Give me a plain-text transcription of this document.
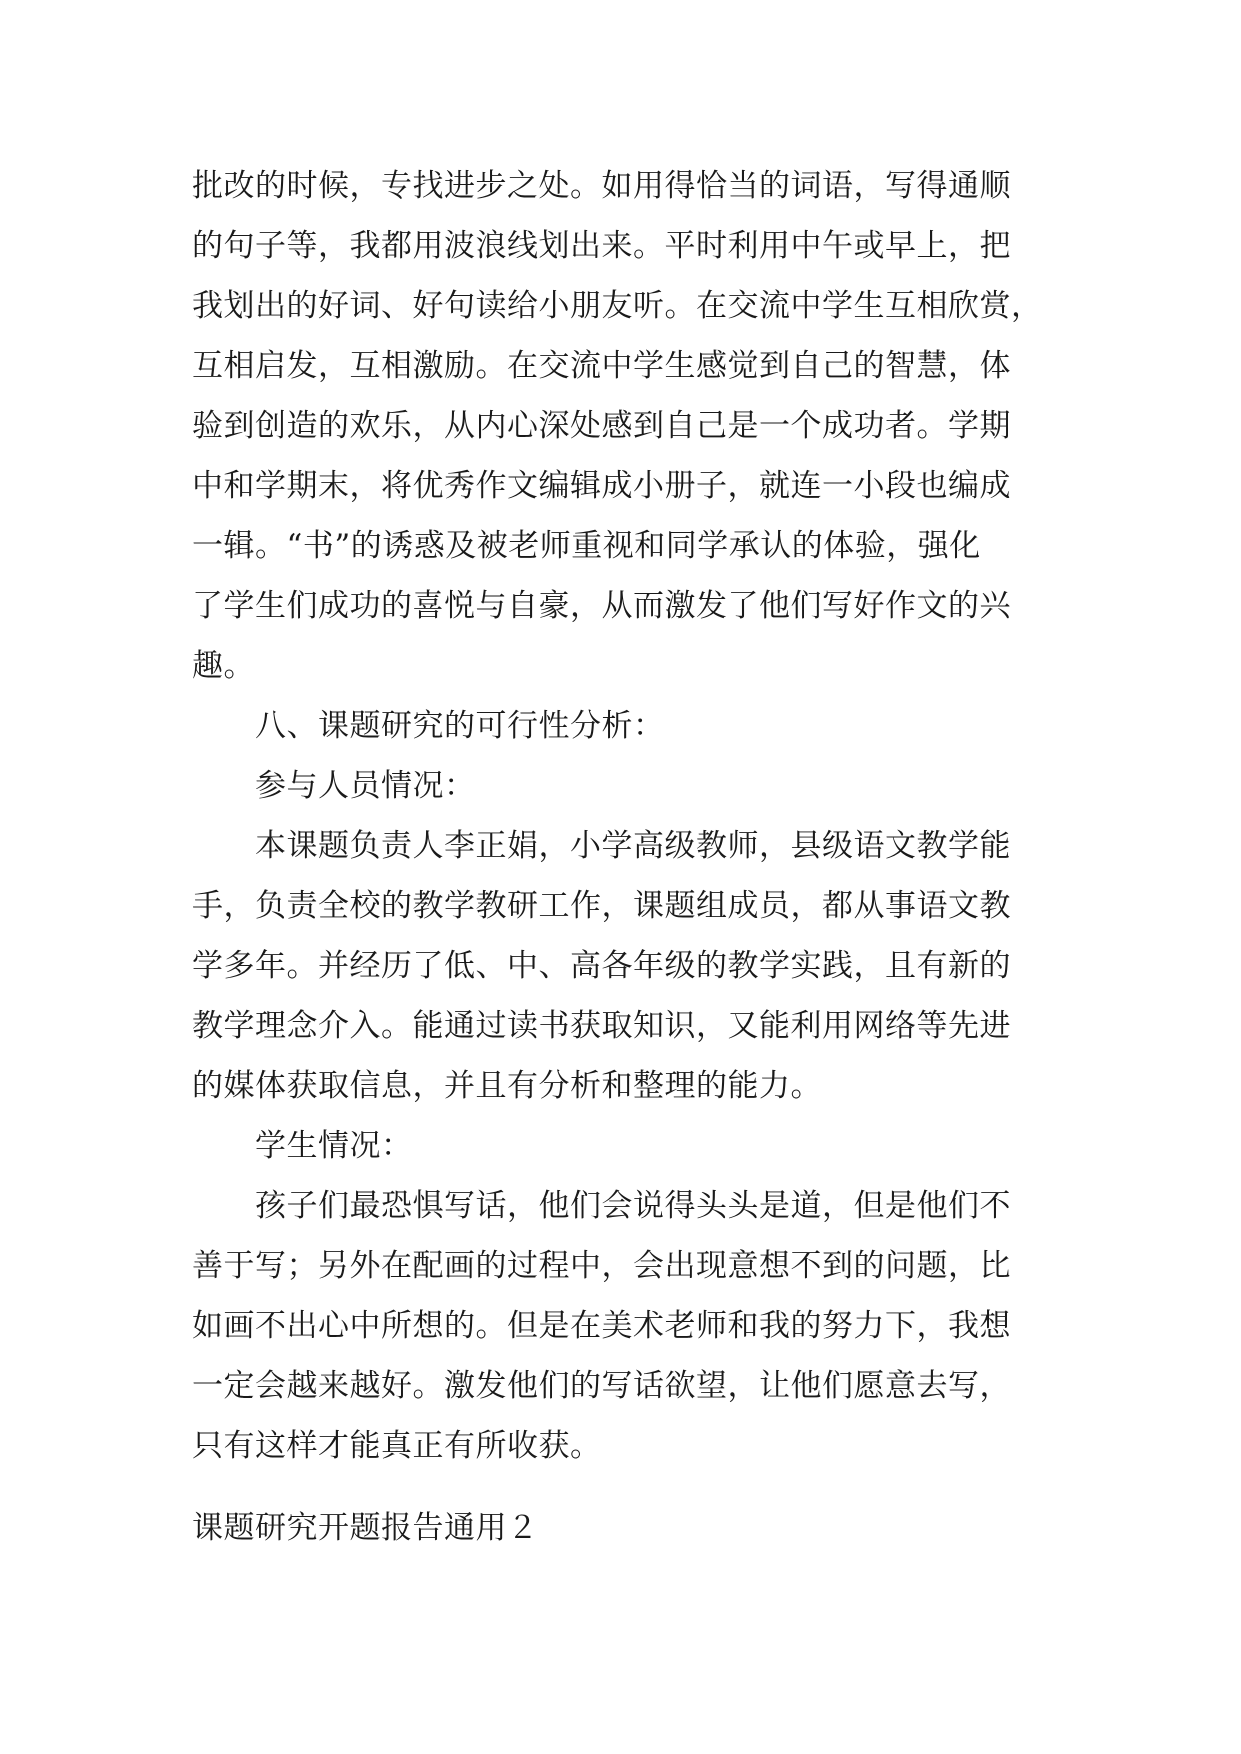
批改的时候，专找进步之处。如用得恰当的词语，写得通顺
的句子等，我都用波浪线划出来。平时利用中午或早上，把
我划出的好词、好句读给小朋友听。在交流中学生互相欣赏，
互相启发，互相激励。在交流中学生感觉到自己的智慧，体
验到创造的欢乐，从内心深处感到自己是一个成功者。学期
中和学期末，将优秀作文编辑成小册子，就连一小段也编成
一辑。“书”的诱惑及被老师重视和同学承认的体验，强化
了学生们成功的喜悦与自豪，从而激发了他们写好作文的兴
趣。
八、课题研究的可行性分析：
参与人员情况：
本课题负责人李正娟，小学高级教师，县级语文教学能
手，负责全校的教学教研工作，课题组成员，都从事语文教
学多年。并经历了低、中、高各年级的教学实践，且有新的
教学理念介入。能通过读书获取知识，又能利用网络等先进
的媒体获取信息，并且有分析和整理的能力。
学生情况：
孩子们最恐惧写话，他们会说得头头是道，但是他们不
善于写；另外在配画的过程中，会出现意想不到的问题，比
如画不出心中所想的。但是在美术老师和我的努力下，我想
一定会越来越好。激发他们的写话欲望，让他们愿意去写，
只有这样才能真正有所收获。
课题研究开题报告通用２
